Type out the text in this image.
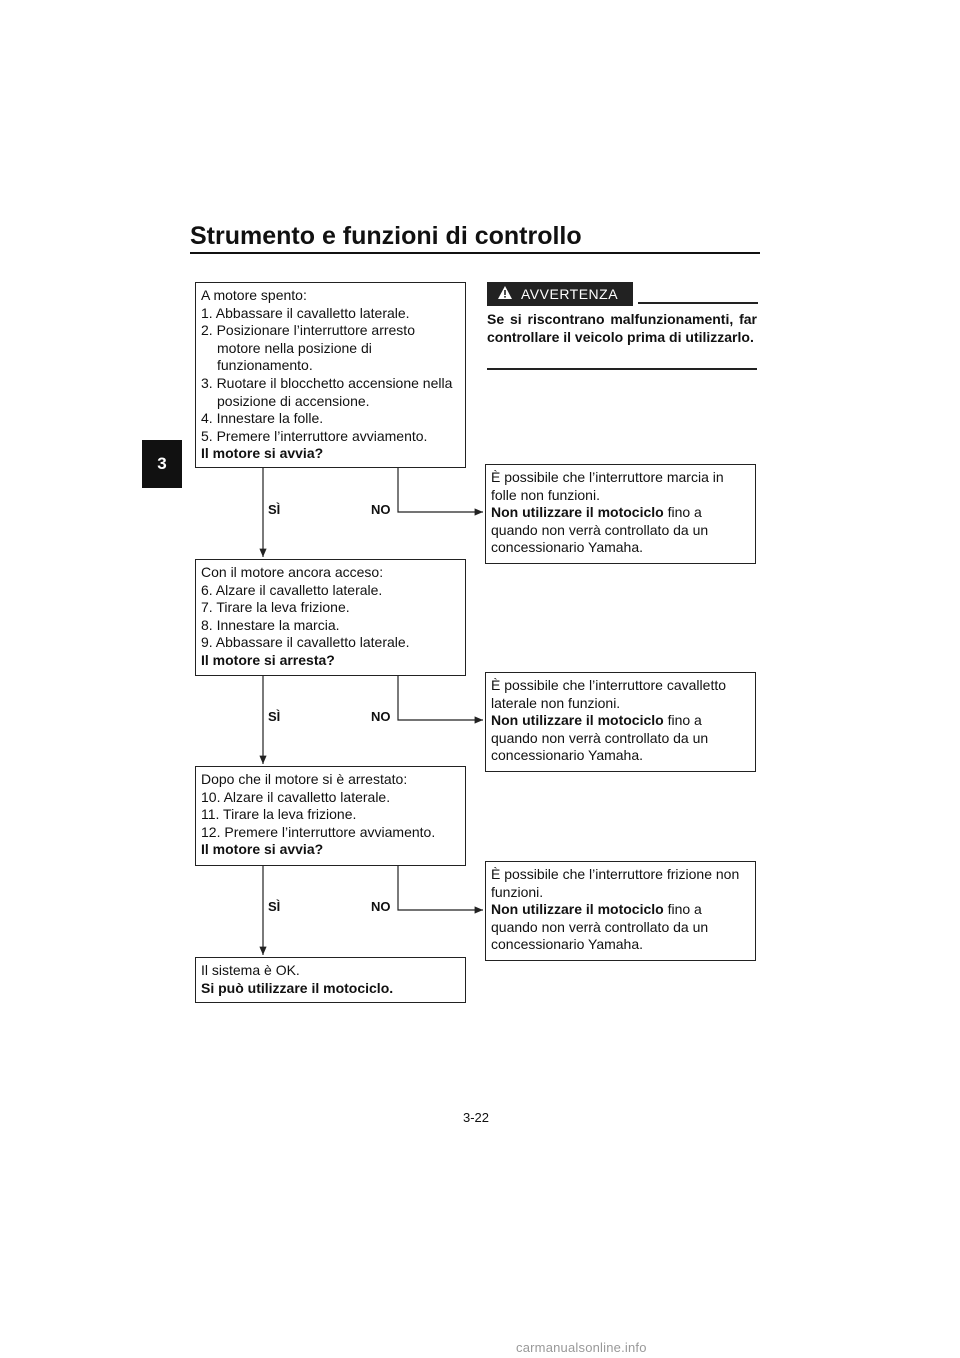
Strumento e funzioni di controllo
3
A motore spento:
1. Abbassare il cavalletto laterale.
2. Posizionare l’interruttore arresto
motore nella posizione di
funzionamento.
3. Ruotare il blocchetto accensione nella
posizione di accensione.
4. Innestare la folle.
5. Premere l’interruttore avviamento.
Il motore si avvia?
Con il motore ancora acceso:
6. Alzare il cavalletto laterale.
7. Tirare la leva frizione.
8. Innestare la marcia.
9. Abbassare il cavalletto laterale.
Il motore si arresta?
Dopo che il motore si è arrestato:
10. Alzare il cavalletto laterale.
11. Tirare la leva frizione.
12. Premere l’interruttore avviamento.
Il motore si avvia?
Il sistema è OK.
Si può utilizzare il motociclo.
SÌ	NO
SÌ	NO
SÌ	NO
È possibile che l’interruttore marcia in
folle non funzioni.
Non utilizzare il motociclo fino a
quando non verrà controllato da un
concessionario Yamaha.
È possibile che l’interruttore cavalletto
laterale non funzioni.
Non utilizzare il motociclo fino a
quando non verrà controllato da un
concessionario Yamaha.
È possibile che l’interruttore frizione non
funzioni.
Non utilizzare il motociclo fino a
quando non verrà controllato da un
concessionario Yamaha.
AVVERTENZA
Se si riscontrano malfunzionamenti, far controllare il veicolo prima di utilizzarlo.
3-22
carmanualsonline.info
